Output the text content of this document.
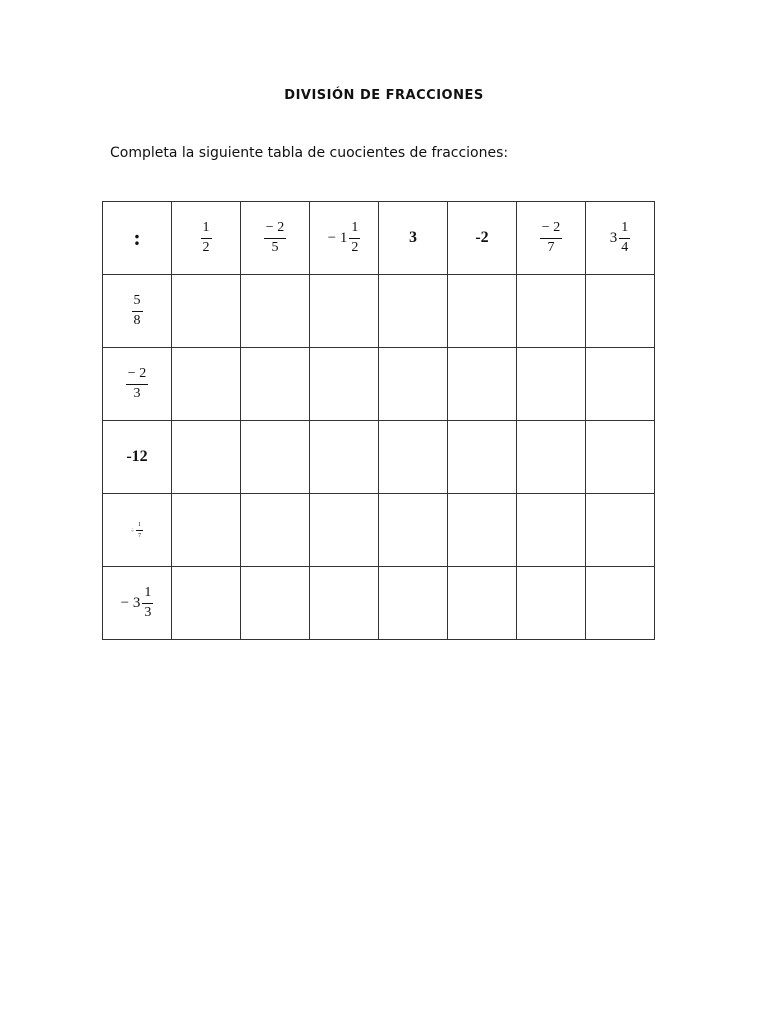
DIVISIÓN DE FRACCIONES
Completa la siguiente tabla de cuocientes de fracciones:
:	$\frac{1}{2}$	$\frac{- 2}{5}$	− $1 \frac{1}{2}$	3	-2	$\frac{- 2}{7}$	$3 \frac{1}{4}$

$\frac{5}{8}$

$\frac{- 2}{3}$

-12							
÷ $\frac{1}{7}$

− $3 \frac{1}{3}$
